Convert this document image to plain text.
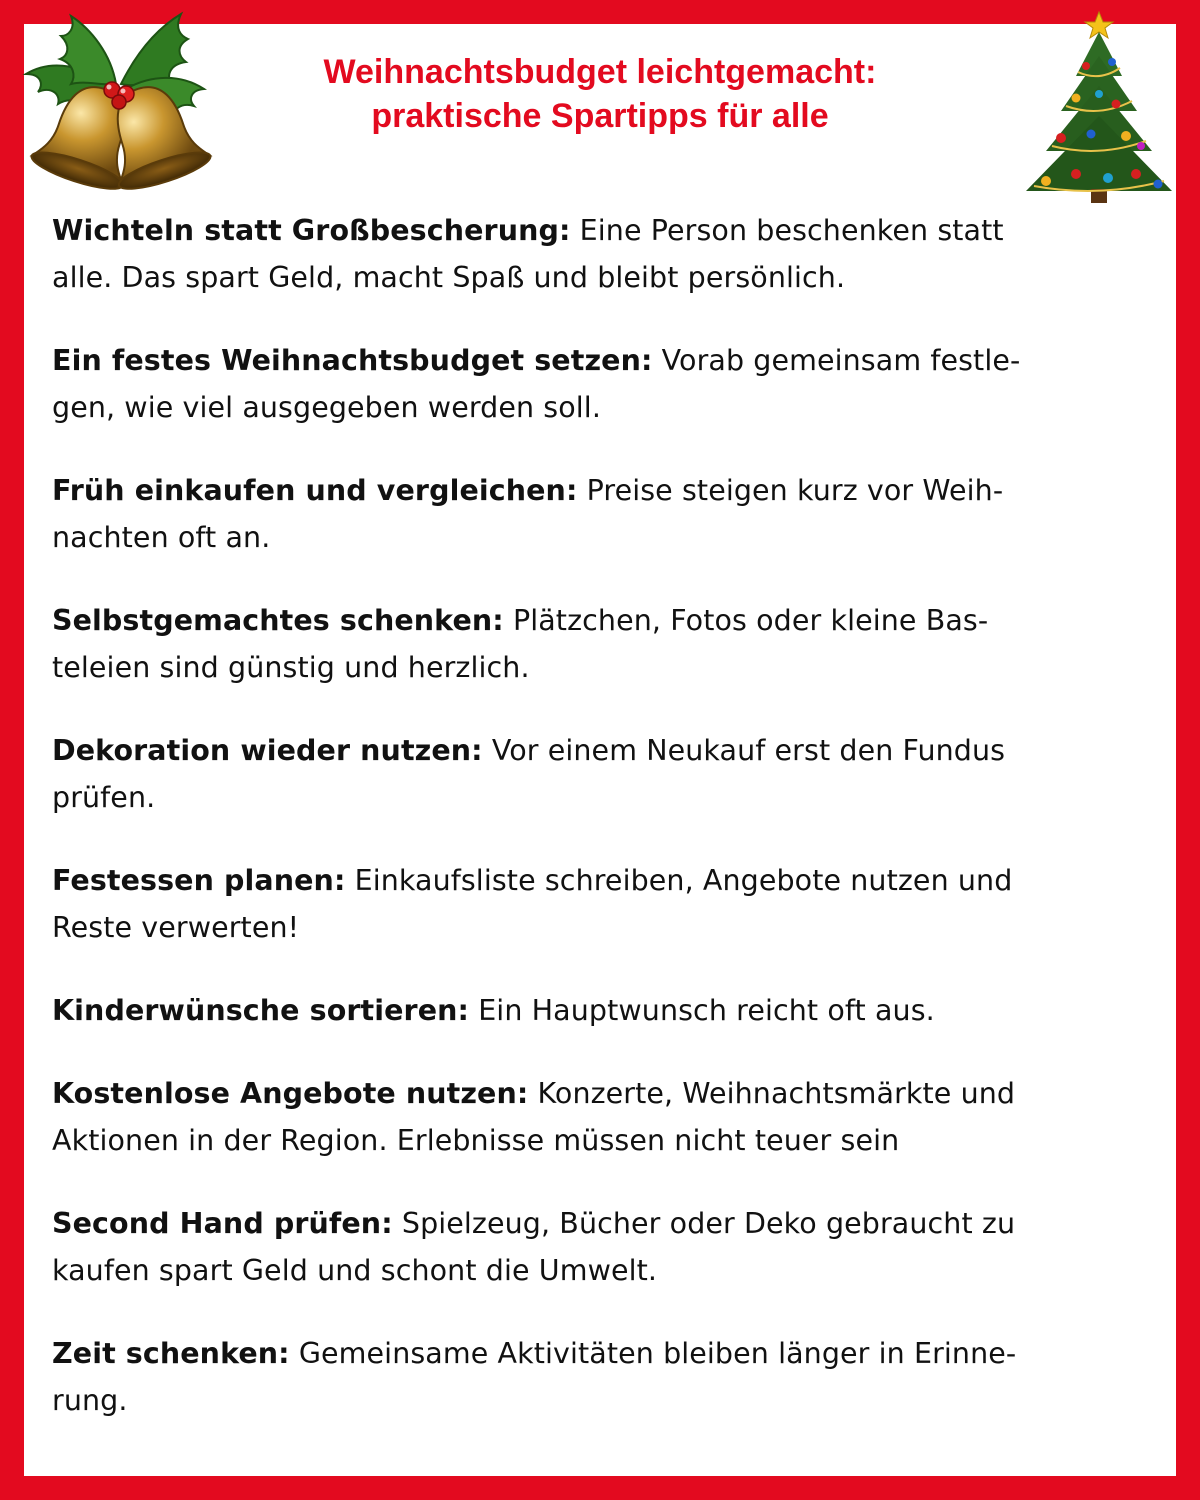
Weihnachtsbudget leichtgemacht:
praktische Spartipps für alle
Wichteln statt Großbescherung: Eine Person beschenken statt
alle. Das spart Geld, macht Spaß und bleibt persönlich.
Ein festes Weihnachtsbudget setzen: Vorab gemeinsam festle-
gen, wie viel ausgegeben werden soll.
Früh einkaufen und vergleichen: Preise steigen kurz vor Weih-
nachten oft an.
Selbstgemachtes schenken: Plätzchen, Fotos oder kleine Bas-
teleien sind günstig und herzlich.
Dekoration wieder nutzen: Vor einem Neukauf erst den Fundus
prüfen.
Festessen planen: Einkaufsliste schreiben, Angebote nutzen und
Reste verwerten!
Kinderwünsche sortieren: Ein Hauptwunsch reicht oft aus.
Kostenlose Angebote nutzen: Konzerte, Weihnachtsmärkte und
Aktionen in der Region. Erlebnisse müssen nicht teuer sein
Second Hand prüfen: Spielzeug, Bücher oder Deko gebraucht zu
kaufen spart Geld und schont die Umwelt.
Zeit schenken: Gemeinsame Aktivitäten bleiben länger in Erinne-
rung.
